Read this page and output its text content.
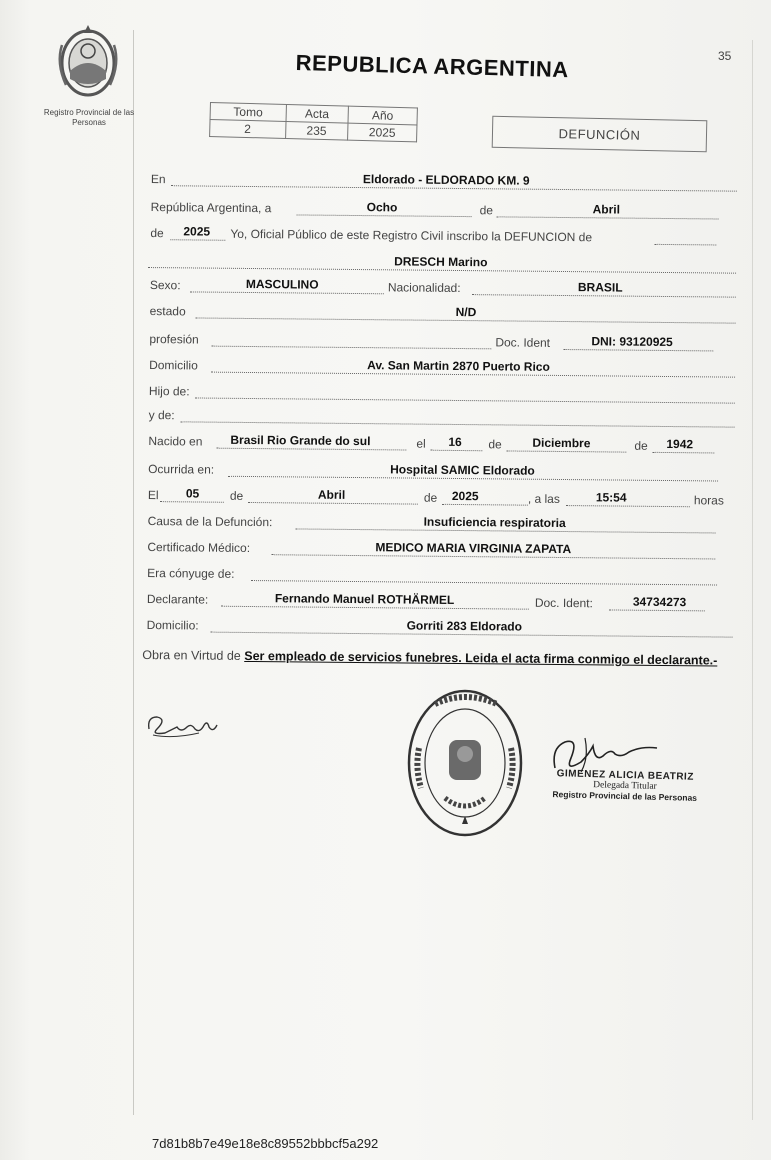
Registro Provincial de las Personas
35
REPUBLICA ARGENTINA
Tomo	Acta	Año
2	235	2025	DEFUNCIÓN
En	Eldorado - ELDORADO KM. 9
República Argentina, a	Ocho	de	Abril
de 2025 Yo, Oficial Público de este Registro Civil inscribo la DEFUNCION de
DRESCH Marino
Sexo:	MASCULINO	Nacionalidad:	BRASIL
estado	N/D
profesión	Doc. Ident	DNI: 93120925
Domicilio	Av. San Martin 2870 Puerto Rico
Hijo de:
y de:
Nacido en Brasil Rio Grande do sul	el 16 de	Diciembre	de 1942
Ocurrida en:	Hospital SAMIC Eldorado
El 05	de	Abril	de 2025	, a las	15:54	horas
Causa de la Defunción:	Insuficiencia respiratoria
Certificado Médico:	MEDICO MARIA VIRGINIA ZAPATA
Era cónyuge de:
Declarante:	Fernando Manuel ROTHÄRMEL	Doc. Ident:	34734273
Domicilio:	Gorriti 283 Eldorado
Obra en Virtud de Ser empleado de servicios funebres. Leida el acta firma conmigo el declarante.-
GIMENEZ ALICIA BEATRIZ
Delegada Titular
Registro Provincial de las Personas
7d81b8b7e49e18e8c89552bbbcf5a292
